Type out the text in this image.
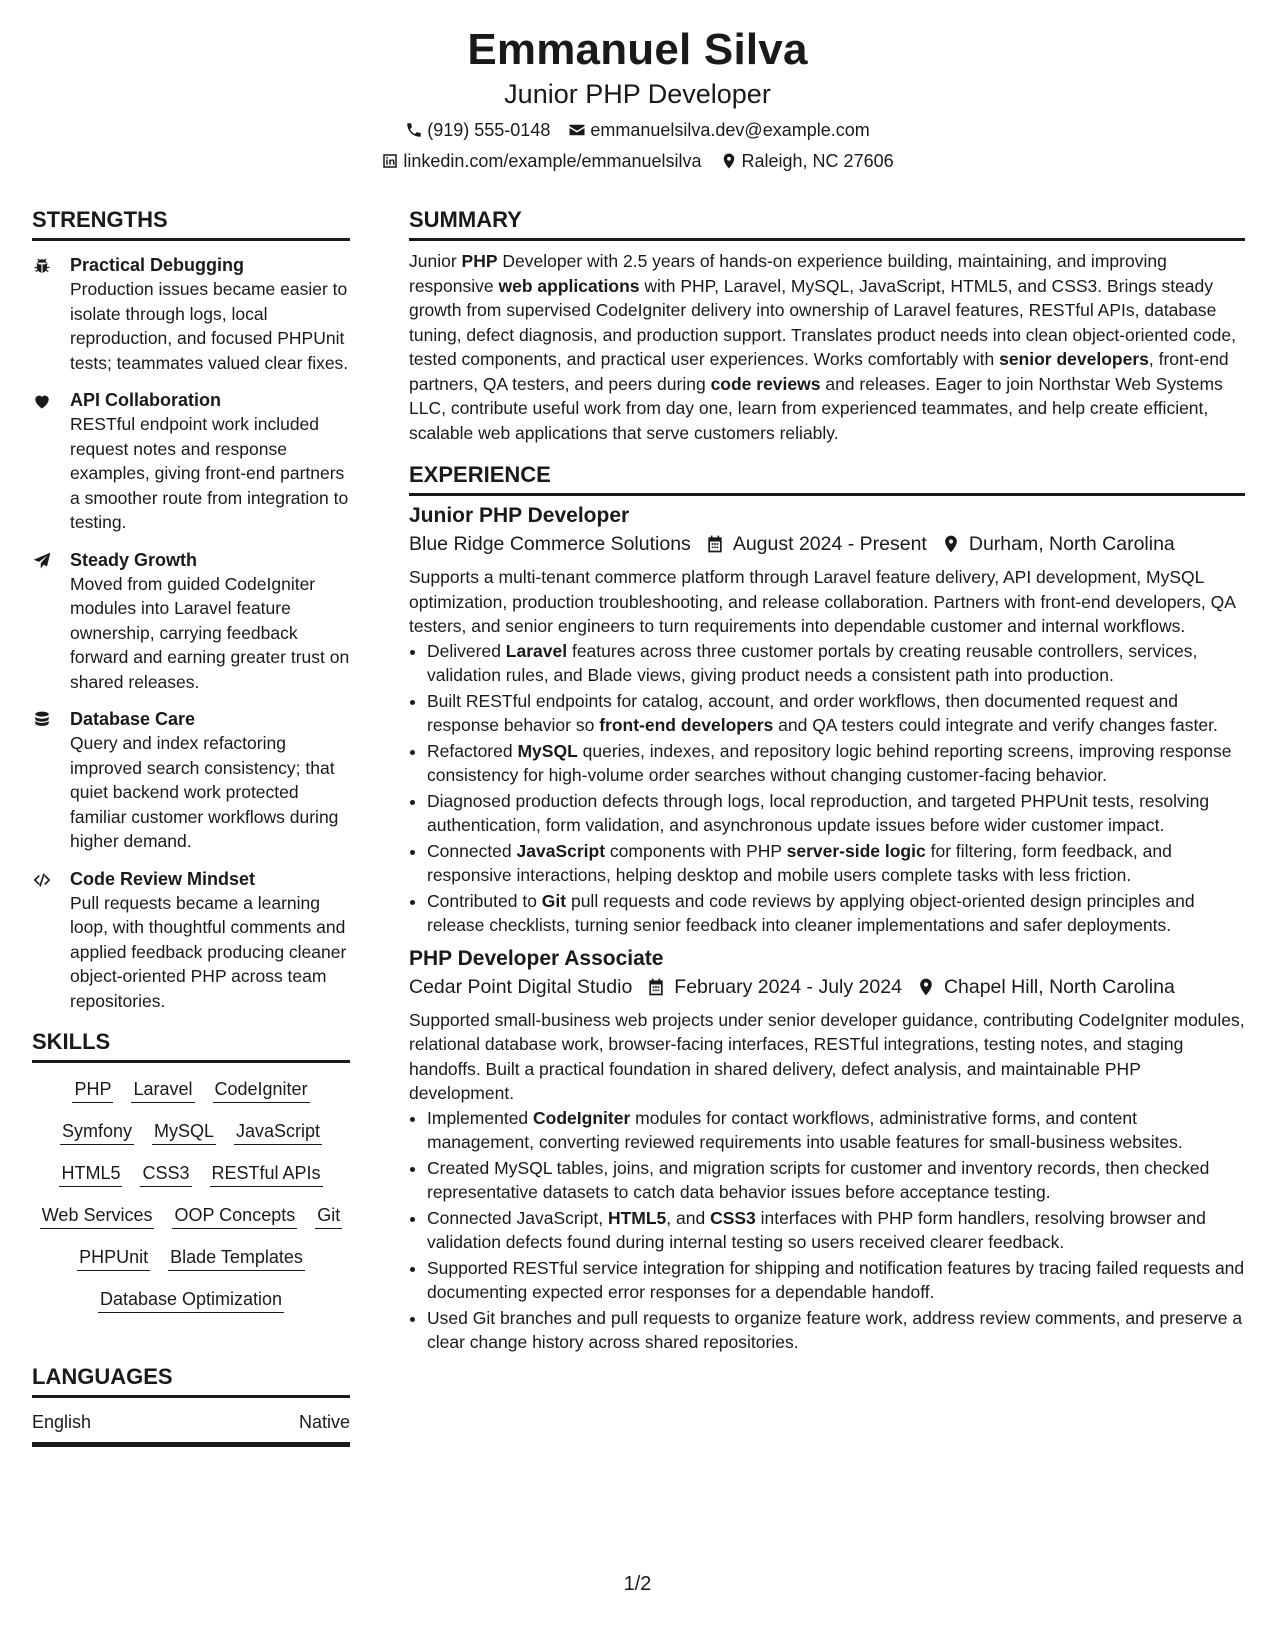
Emmanuel Silva
Junior PHP Developer
(919) 555-0148 emmanuelsilva.dev@example.com
linkedin.com/example/emmanuelsilva Raleigh, NC 27606
STRENGTHS
Practical Debugging
Production issues became easier to isolate through logs, local reproduction, and focused PHPUnit tests; teammates valued clear fixes.
API Collaboration
RESTful endpoint work included request notes and response examples, giving front-end partners a smoother route from integration to testing.
Steady Growth
Moved from guided CodeIgniter modules into Laravel feature ownership, carrying feedback forward and earning greater trust on shared releases.
Database Care
Query and index refactoring improved search consistency; that quiet backend work protected familiar customer workflows during higher demand.
Code Review Mindset
Pull requests became a learning loop, with thoughtful comments and applied feedback producing cleaner object-oriented PHP across team repositories.
SKILLS
PHP Laravel CodeIgniter
Symfony MySQL JavaScript
HTML5 CSS3 RESTful APIs
Web Services OOP Concepts Git
PHPUnit Blade Templates
Database Optimization
LANGUAGES
English	Native
SUMMARY
Junior PHP Developer with 2.5 years of hands-on experience building, maintaining, and improving responsive web applications with PHP, Laravel, MySQL, JavaScript, HTML5, and CSS3. Brings steady growth from supervised CodeIgniter delivery into ownership of Laravel features, RESTful APIs, database tuning, defect diagnosis, and production support. Translates product needs into clean object-oriented code, tested components, and practical user experiences. Works comfortably with senior developers, front-end partners, QA testers, and peers during code reviews and releases. Eager to join Northstar Web Systems LLC, contribute useful work from day one, learn from experienced teammates, and help create efficient, scalable web applications that serve customers reliably.
EXPERIENCE
Junior PHP Developer
Blue Ridge Commerce Solutions August 2024 - Present Durham, North Carolina
Supports a multi-tenant commerce platform through Laravel feature delivery, API development, MySQL optimization, production troubleshooting, and release collaboration. Partners with front-end developers, QA testers, and senior engineers to turn requirements into dependable customer and internal workflows.
• Delivered Laravel features across three customer portals by creating reusable controllers, services, validation rules, and Blade views, giving product needs a consistent path into production.
• Built RESTful endpoints for catalog, account, and order workflows, then documented request and response behavior so front-end developers and QA testers could integrate and verify changes faster.
• Refactored MySQL queries, indexes, and repository logic behind reporting screens, improving response consistency for high-volume order searches without changing customer-facing behavior.
• Diagnosed production defects through logs, local reproduction, and targeted PHPUnit tests, resolving authentication, form validation, and asynchronous update issues before wider customer impact.
• Connected JavaScript components with PHP server-side logic for filtering, form feedback, and responsive interactions, helping desktop and mobile users complete tasks with less friction.
• Contributed to Git pull requests and code reviews by applying object-oriented design principles and release checklists, turning senior feedback into cleaner implementations and safer deployments.
PHP Developer Associate
Cedar Point Digital Studio February 2024 - July 2024 Chapel Hill, North Carolina
Supported small-business web projects under senior developer guidance, contributing CodeIgniter modules, relational database work, browser-facing interfaces, RESTful integrations, testing notes, and staging handoffs. Built a practical foundation in shared delivery, defect analysis, and maintainable PHP development.
• Implemented CodeIgniter modules for contact workflows, administrative forms, and content management, converting reviewed requirements into usable features for small-business websites.
• Created MySQL tables, joins, and migration scripts for customer and inventory records, then checked representative datasets to catch data behavior issues before acceptance testing.
• Connected JavaScript, HTML5, and CSS3 interfaces with PHP form handlers, resolving browser and validation defects found during internal testing so users received clearer feedback.
• Supported RESTful service integration for shipping and notification features by tracing failed requests and documenting expected error responses for a dependable handoff.
• Used Git branches and pull requests to organize feature work, address review comments, and preserve a clear change history across shared repositories.
1/2
